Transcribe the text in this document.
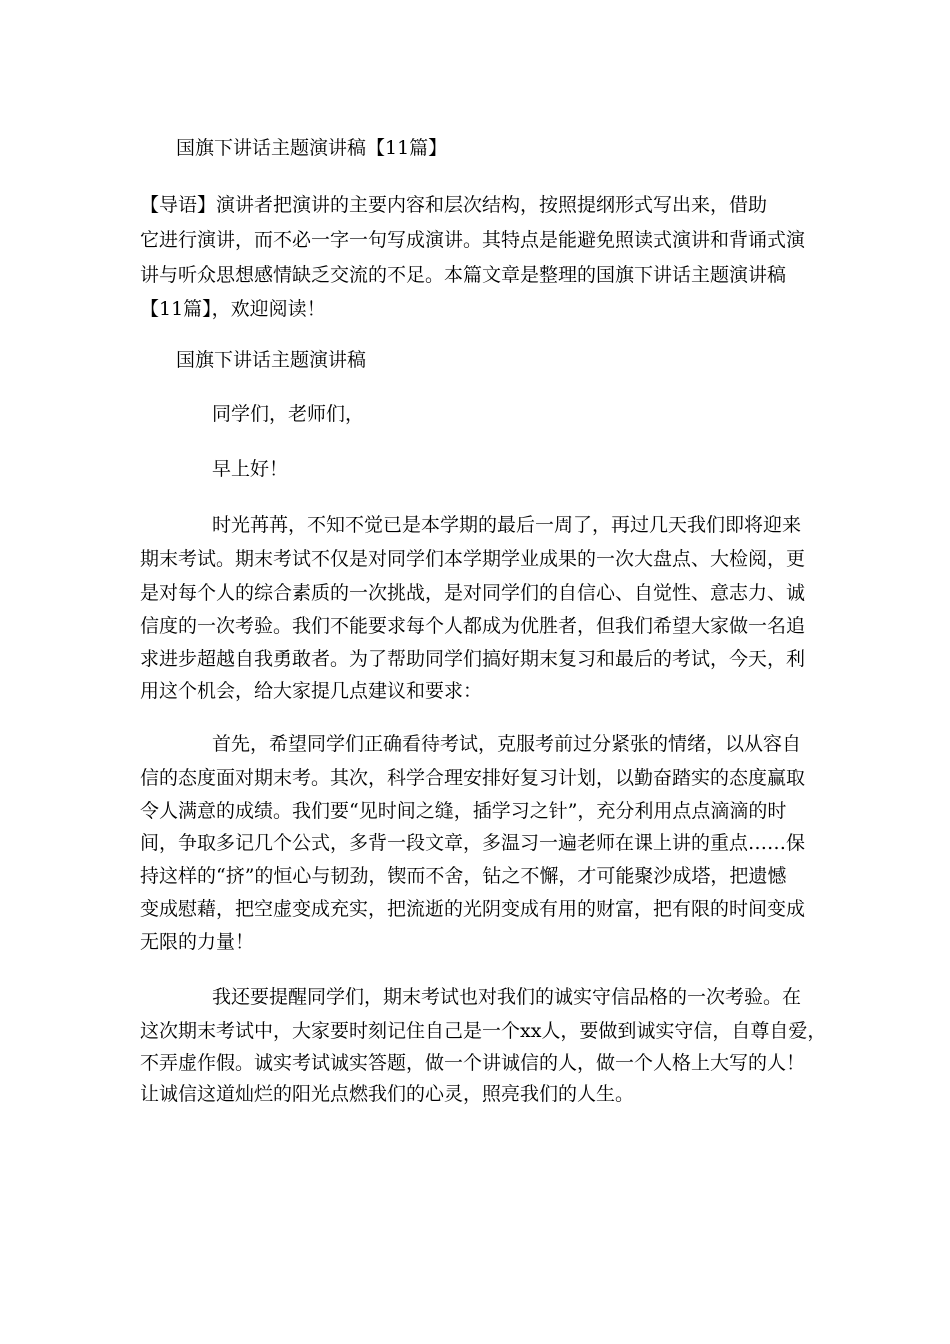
国旗下讲话主题演讲稿【11篇】
【导语】演讲者把演讲的主要内容和层次结构，按照提纲形式写出来，借助
它进行演讲，而不必一字一句写成演讲。其特点是能避免照读式演讲和背诵式演
讲与听众思想感情缺乏交流的不足。本篇文章是整理的国旗下讲话主题演讲稿
【11篇】，欢迎阅读！
国旗下讲话主题演讲稿
同学们，老师们，
早上好！
时光苒苒，不知不觉已是本学期的最后一周了，再过几天我们即将迎来
期末考试。期末考试不仅是对同学们本学期学业成果的一次大盘点、大检阅，更
是对每个人的综合素质的一次挑战，是对同学们的自信心、自觉性、意志力、诚
信度的一次考验。我们不能要求每个人都成为优胜者，但我们希望大家做一名追
求进步超越自我勇敢者。为了帮助同学们搞好期末复习和最后的考试，今天，利
用这个机会，给大家提几点建议和要求：
首先，希望同学们正确看待考试，克服考前过分紧张的情绪，以从容自
信的态度面对期末考。其次，科学合理安排好复习计划，以勤奋踏实的态度赢取
令人满意的成绩。我们要“见时间之缝，插学习之针”，充分利用点点滴滴的时
间，争取多记几个公式，多背一段文章，多温习一遍老师在课上讲的重点……保
持这样的“挤”的恒心与韧劲，锲而不舍，钻之不懈，才可能聚沙成塔，把遗憾
变成慰藉，把空虚变成充实，把流逝的光阴变成有用的财富，把有限的时间变成
无限的力量！
我还要提醒同学们，期末考试也对我们的诚实守信品格的一次考验。在
这次期末考试中，大家要时刻记住自己是一个xx人，要做到诚实守信，自尊自爱，
不弄虚作假。诚实考试诚实答题，做一个讲诚信的人，做一个人格上大写的人！
让诚信这道灿烂的阳光点燃我们的心灵，照亮我们的人生。
